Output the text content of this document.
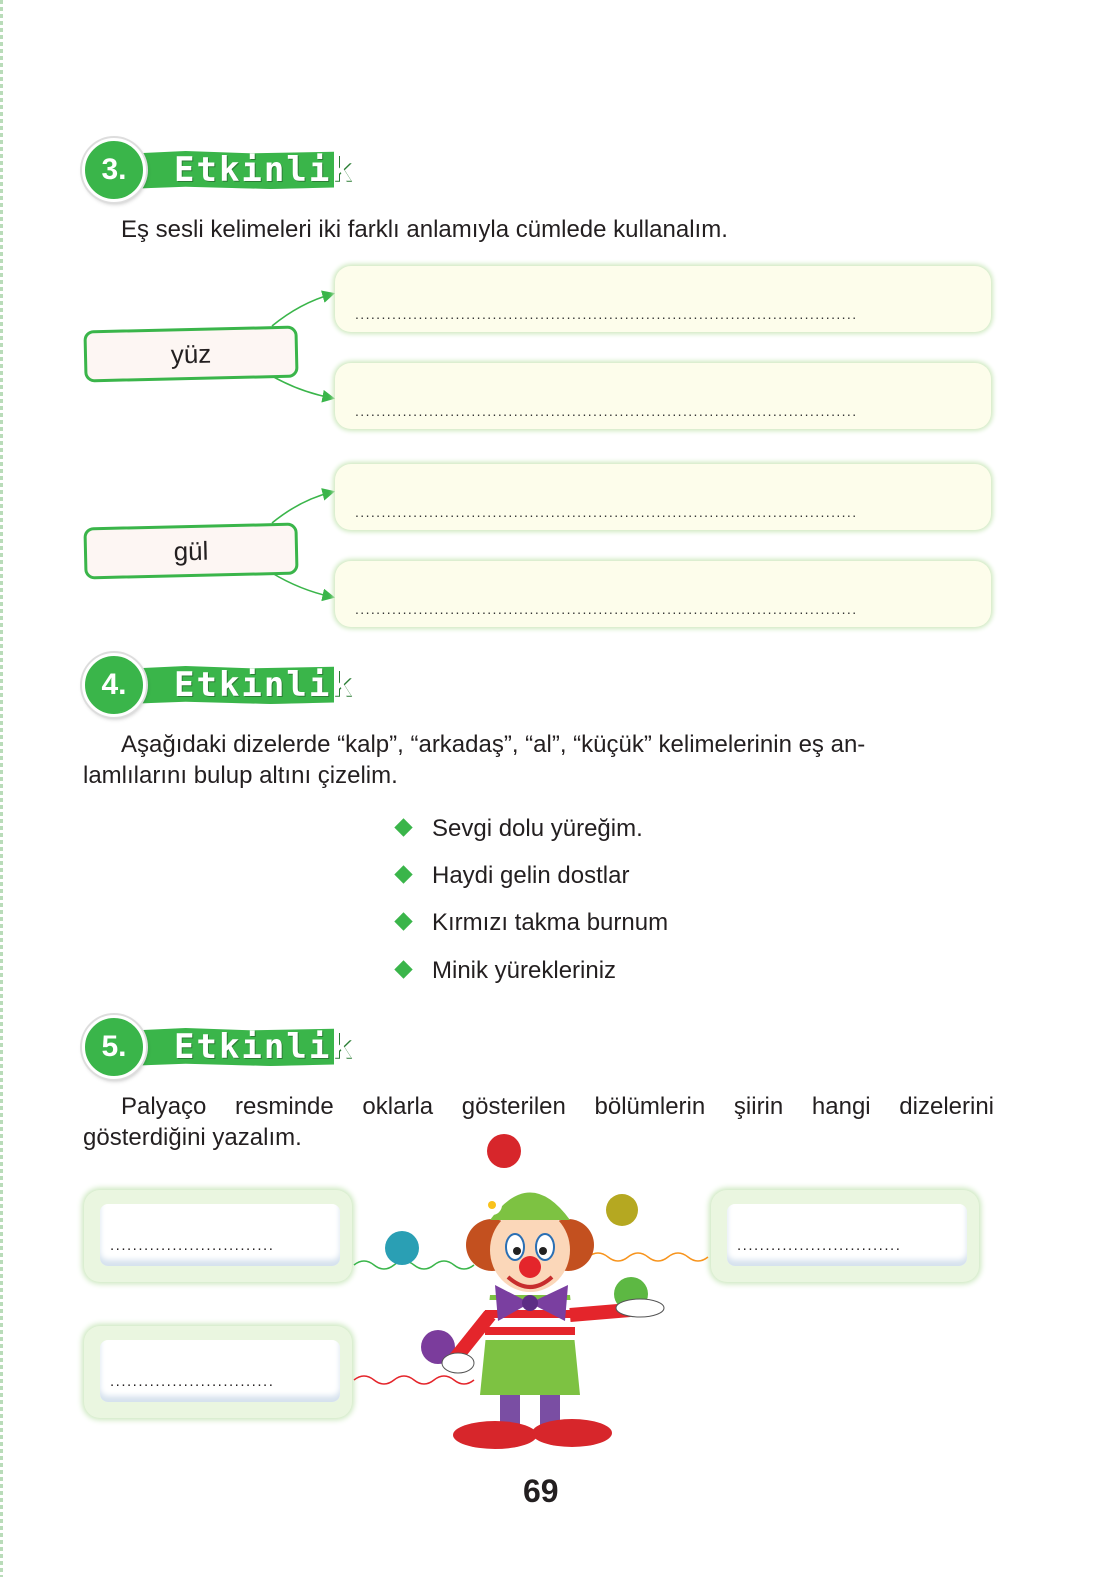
3.	Etkinlik
Eş sesli kelimeleri iki farklı anlamıyla cümlede kullanalım.
yüz
gül
...............................................................................................
...............................................................................................
...............................................................................................
...............................................................................................
4.	Etkinlik
Aşağıdaki dizelerde “kalp”, “arkadaş”, “al”, “küçük” kelimelerinin eş an-
lamlılarını bulup altını çizelim.
Sevgi dolu yüreğim.
Haydi gelin dostlar
Kırmızı takma burnum
Minik yürekleriniz
5.	Etkinlik
Palyaço resminde oklarla gösterilen bölümlerin şiirin hangi dizelerini
gösterdiğini yazalım.
.............................
.............................
.............................
69
